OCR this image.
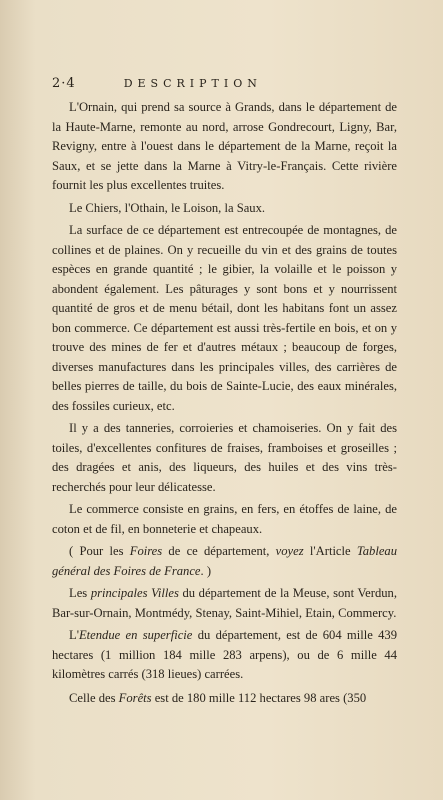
2·4	DESCRIPTION

L'Ornain, qui prend sa source à Grands, dans le département de la Haute-Marne, remonte au nord, arrose Gondrecourt, Ligny, Bar, Revigny, entre à l'ouest dans le département de la Marne, reçoit la Saux, et se jette dans la Marne à Vitry-le-Français. Cette rivière fournit les plus excellentes truites.

Le Chiers, l'Othain, le Loison, la Saux.

La surface de ce département est entrecoupée de montagnes, de collines et de plaines. On y recueille du vin et des grains de toutes espèces en grande quantité ; le gibier, la volaille et le poisson y abondent également. Les pâturages y sont bons et y nourrissent quantité de gros et de menu bétail, dont les habitans font un assez bon commerce. Ce département est aussi très-fertile en bois, et on y trouve des mines de fer et d'autres métaux ; beaucoup de forges, diverses manufactures dans les principales villes, des carrières de belles pierres de taille, du bois de Sainte-Lucie, des eaux minérales, des fossiles curieux, etc.

Il y a des tanneries, corroieries et chamoiseries. On y fait des toiles, d'excellentes confitures de fraises, framboises et groseilles ; des dragées et anis, des liqueurs, des huiles et des vins très-recherchés pour leur délicatesse.

Le commerce consiste en grains, en fers, en étoffes de laine, de coton et de fil, en bonneterie et chapeaux.

( Pour les Foires de ce département, voyez l'Article Tableau général des Foires de France. )

Les principales Villes du département de la Meuse, sont Verdun, Bar-sur-Ornain, Montmédy, Stenay, Saint-Mihiel, Etain, Commercy.

L'Etendue en superficie du département, est de 604 mille 439 hectares (1 million 184 mille 283 arpens), ou de 6 mille 44 kilomètres carrés (318 lieues) carrées.

Celle des Forêts est de 180 mille 112 hectares 98 ares (350
